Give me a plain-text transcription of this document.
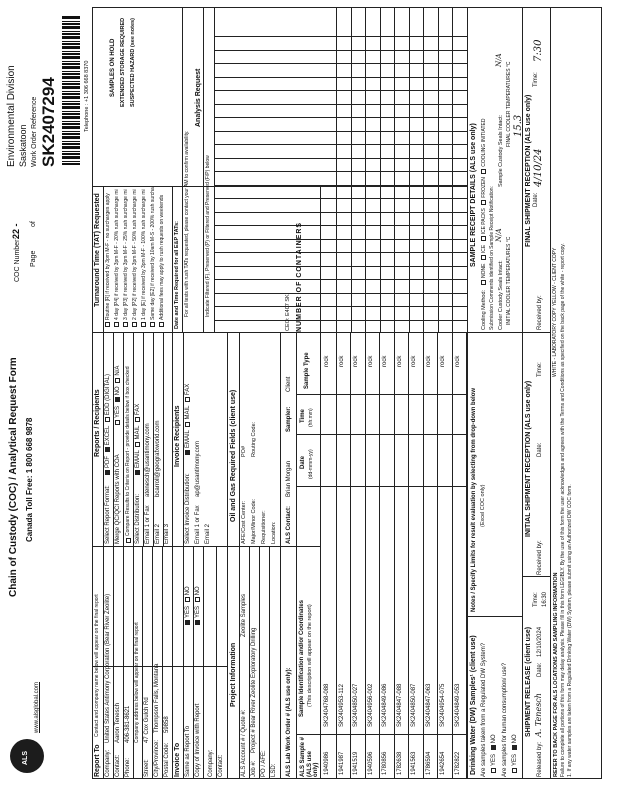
ALS
www.alsglobal.com
Chain of Custody (COC) / Analytical Request Form Canada Toll Free: 1 800 668 9878
COC Number:
22 -
Page
of
Environmental Division Saskatoon Work Order Reference SK2407294	Telephone : +1 306 668 8370
Report To
Contact and company name below will appear on the final report
Company:
United States Antimony Corporation (Bear River Zeolite)
Contact:
Aaron Tenesch
Phone:
406-381-8621 Company address below will appear on the final report
Street:
47 Cox Gulch Rd
City/Province:
Thompson Falls, Montana
Postal Code:
59858
Reports / Recipients
Select Report Format:
PDF EXCEL EDD (DIGITAL)
Merge QC/QCI Reports with COA
YES NO N/A Compare Results to Criteria on Report - provide details below if box checked Select Distribution:
EMAIL MAIL FAX
Email 1 or Fax
atenesch@usantimony.com
Email 2
bcarroll@geografxworld.com
Email 3
Turnaround Time (TAT) Requested Routine [R] if received by 3pm M-F - no surcharges apply 4 day [P4] if received by 3pm M-F - 20% rush surcharge mi 3 day [P3] if received by 3pm M-F - 25% rush surcharge mi 2 day [P2] if received by 3pm M-F - 50% rush surcharge mi 1 day [E] if received by 3pm M-F - 100% rush surcharge mi Same day [E2] if received by 10am M-S - 200% rush surcha Additional fees may apply to rush requests on weekends Date and Time Required for all E&P TATs: For all tests with rush TATs requested, please contact your AM to confirm availability.
Invoice To Same as Report To
YES NO
Copy of Invoice with Report
YES NO
Company: Contact:
Invoice Recipients
Select Invoice Distribution:
EMAIL MAIL FAX
Email 1 or Fax
ap@usantimony.com
Email 2
Analysis Request
Indicate Filtered (F), Preserved (P) or Filtered and Preserved (F/P) below
Project Information
ALS Account # / Quote #:
Zeolite Samples
Job #:
Project # Bear River Zeolite Exploratory Drilling
PO / AFE: LSD: ALS Lab Work Order # (ALS use only):
Oil and Gas Required Fields (client use)
AFE/Cost Center:
PO#
Major/Minor Code:
Routing Code:
Requisitioner: Location: ALS Contact:
Brian Morgan
Sampler:
Client
ALS Sample # (ALS use only)
Sample Identification and/or Coordinates (This description will appear on the report)
Date (dd-mmm-yy)
Time (hh:mm)
Sample Type
1940986
SK2404768-088
rock
1941987
SK2404953-112
rock
1941519
SK2404850-027
rock
1940596
SK2404956-002
rock
1780856
SK2404849-086
rock
1782638
SK2404847-088
rock
1941563
SK2404850-087
rock
1786594
SK2404847-063
rock
1942654
SK2404954-075
rock
1782822
SK2404849-053
rock
CEO: E407 SK NUMBER OF CONTAINERS
SAMPLES ON HOLD EXTENDED STORAGE REQUIRED SUSPECTED HAZARD (see notes)
Drinking Water (DW) Samples¹ (client use) Are samples taken from a Regulated DW System? YES NO Are samples for human consumption/ use? YES NO
Notes / Specify Limits for result evaluation by selecting from drop-down below (Excel COC only)
SAMPLE RECEIPT DETAILS (ALS use only)
Cooling Method:
NONE ICE ICE PACKS FROZEN COOLING INITIATED
Submission Comments identified on Sample Receipt Notification: Cooler Custody Seals Intact:
N/A
Sample Custody Seals Intact:
N/A
INITIAL COOLER TEMPERATURES °C
FINAL COOLER TEMPERATURES °C 15.3
SHIPMENT RELEASE (client use)
Released by:
A. Tenesch
Date:
12/10/2024
Time: 16:30
INITIAL SHIPMENT RECEPTION (ALS use only)
Received by:
Date:
Time:
FINAL SHIPMENT RECEPTION (ALS use only)
Received by:
Date:
4/10/24
Time:
7:30
REFER TO BACK PAGE FOR ALS LOCATIONS AND SAMPLING INFORMATION Failure to complete all portions of this form may delay analysis. Please fill in this form LEGIBLY. By the use of this form the user acknowledges and agrees with the Terms and Conditions as specified on the back page of the white - report copy. 1. If any water samples are taken from a Regulated Drinking Water (DW) System, please submit using an Authorized DW COC form.
WHITE - LABORATORY COPY YELLOW - CLIENT COPY
